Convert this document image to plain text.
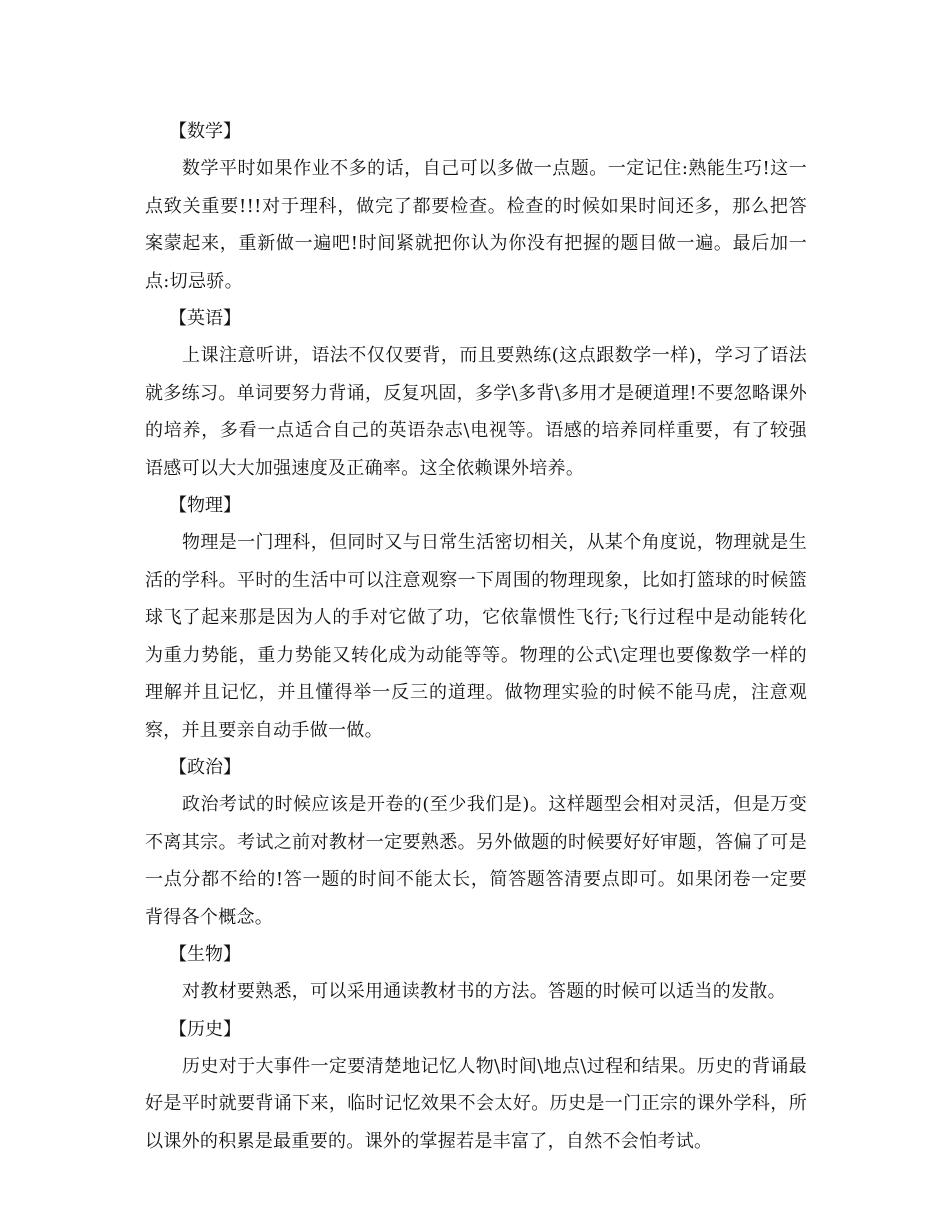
【数学】

数学平时如果作业不多的话，自己可以多做一点题。一定记住:熟能生巧!这一点致关重要!!!对于理科，做完了都要检查。检查的时候如果时间还多，那么把答案蒙起来，重新做一遍吧!时间紧就把你认为你没有把握的题目做一遍。最后加一点:切忌骄。

【英语】

上课注意听讲，语法不仅仅要背，而且要熟练(这点跟数学一样)，学习了语法就多练习。单词要努力背诵，反复巩固，多学\多背\多用才是硬道理!不要忽略课外的培养，多看一点适合自己的英语杂志\电视等。语感的培养同样重要，有了较强语感可以大大加强速度及正确率。这全依赖课外培养。

【物理】

物理是一门理科，但同时又与日常生活密切相关，从某个角度说，物理就是生活的学科。平时的生活中可以注意观察一下周围的物理现象，比如打篮球的时候篮球飞了起来那是因为人的手对它做了功，它依靠惯性飞行;飞行过程中是动能转化为重力势能，重力势能又转化成为动能等等。物理的公式\定理也要像数学一样的理解并且记忆，并且懂得举一反三的道理。做物理实验的时候不能马虎，注意观察，并且要亲自动手做一做。

【政治】

政治考试的时候应该是开卷的(至少我们是)。这样题型会相对灵活，但是万变不离其宗。考试之前对教材一定要熟悉。另外做题的时候要好好审题，答偏了可是一点分都不给的!答一题的时间不能太长，简答题答清要点即可。如果闭卷一定要背得各个概念。

【生物】

对教材要熟悉，可以采用通读教材书的方法。答题的时候可以适当的发散。

【历史】

历史对于大事件一定要清楚地记忆人物\时间\地点\过程和结果。历史的背诵最好是平时就要背诵下来，临时记忆效果不会太好。历史是一门正宗的课外学科，所以课外的积累是最重要的。课外的掌握若是丰富了，自然不会怕考试。
